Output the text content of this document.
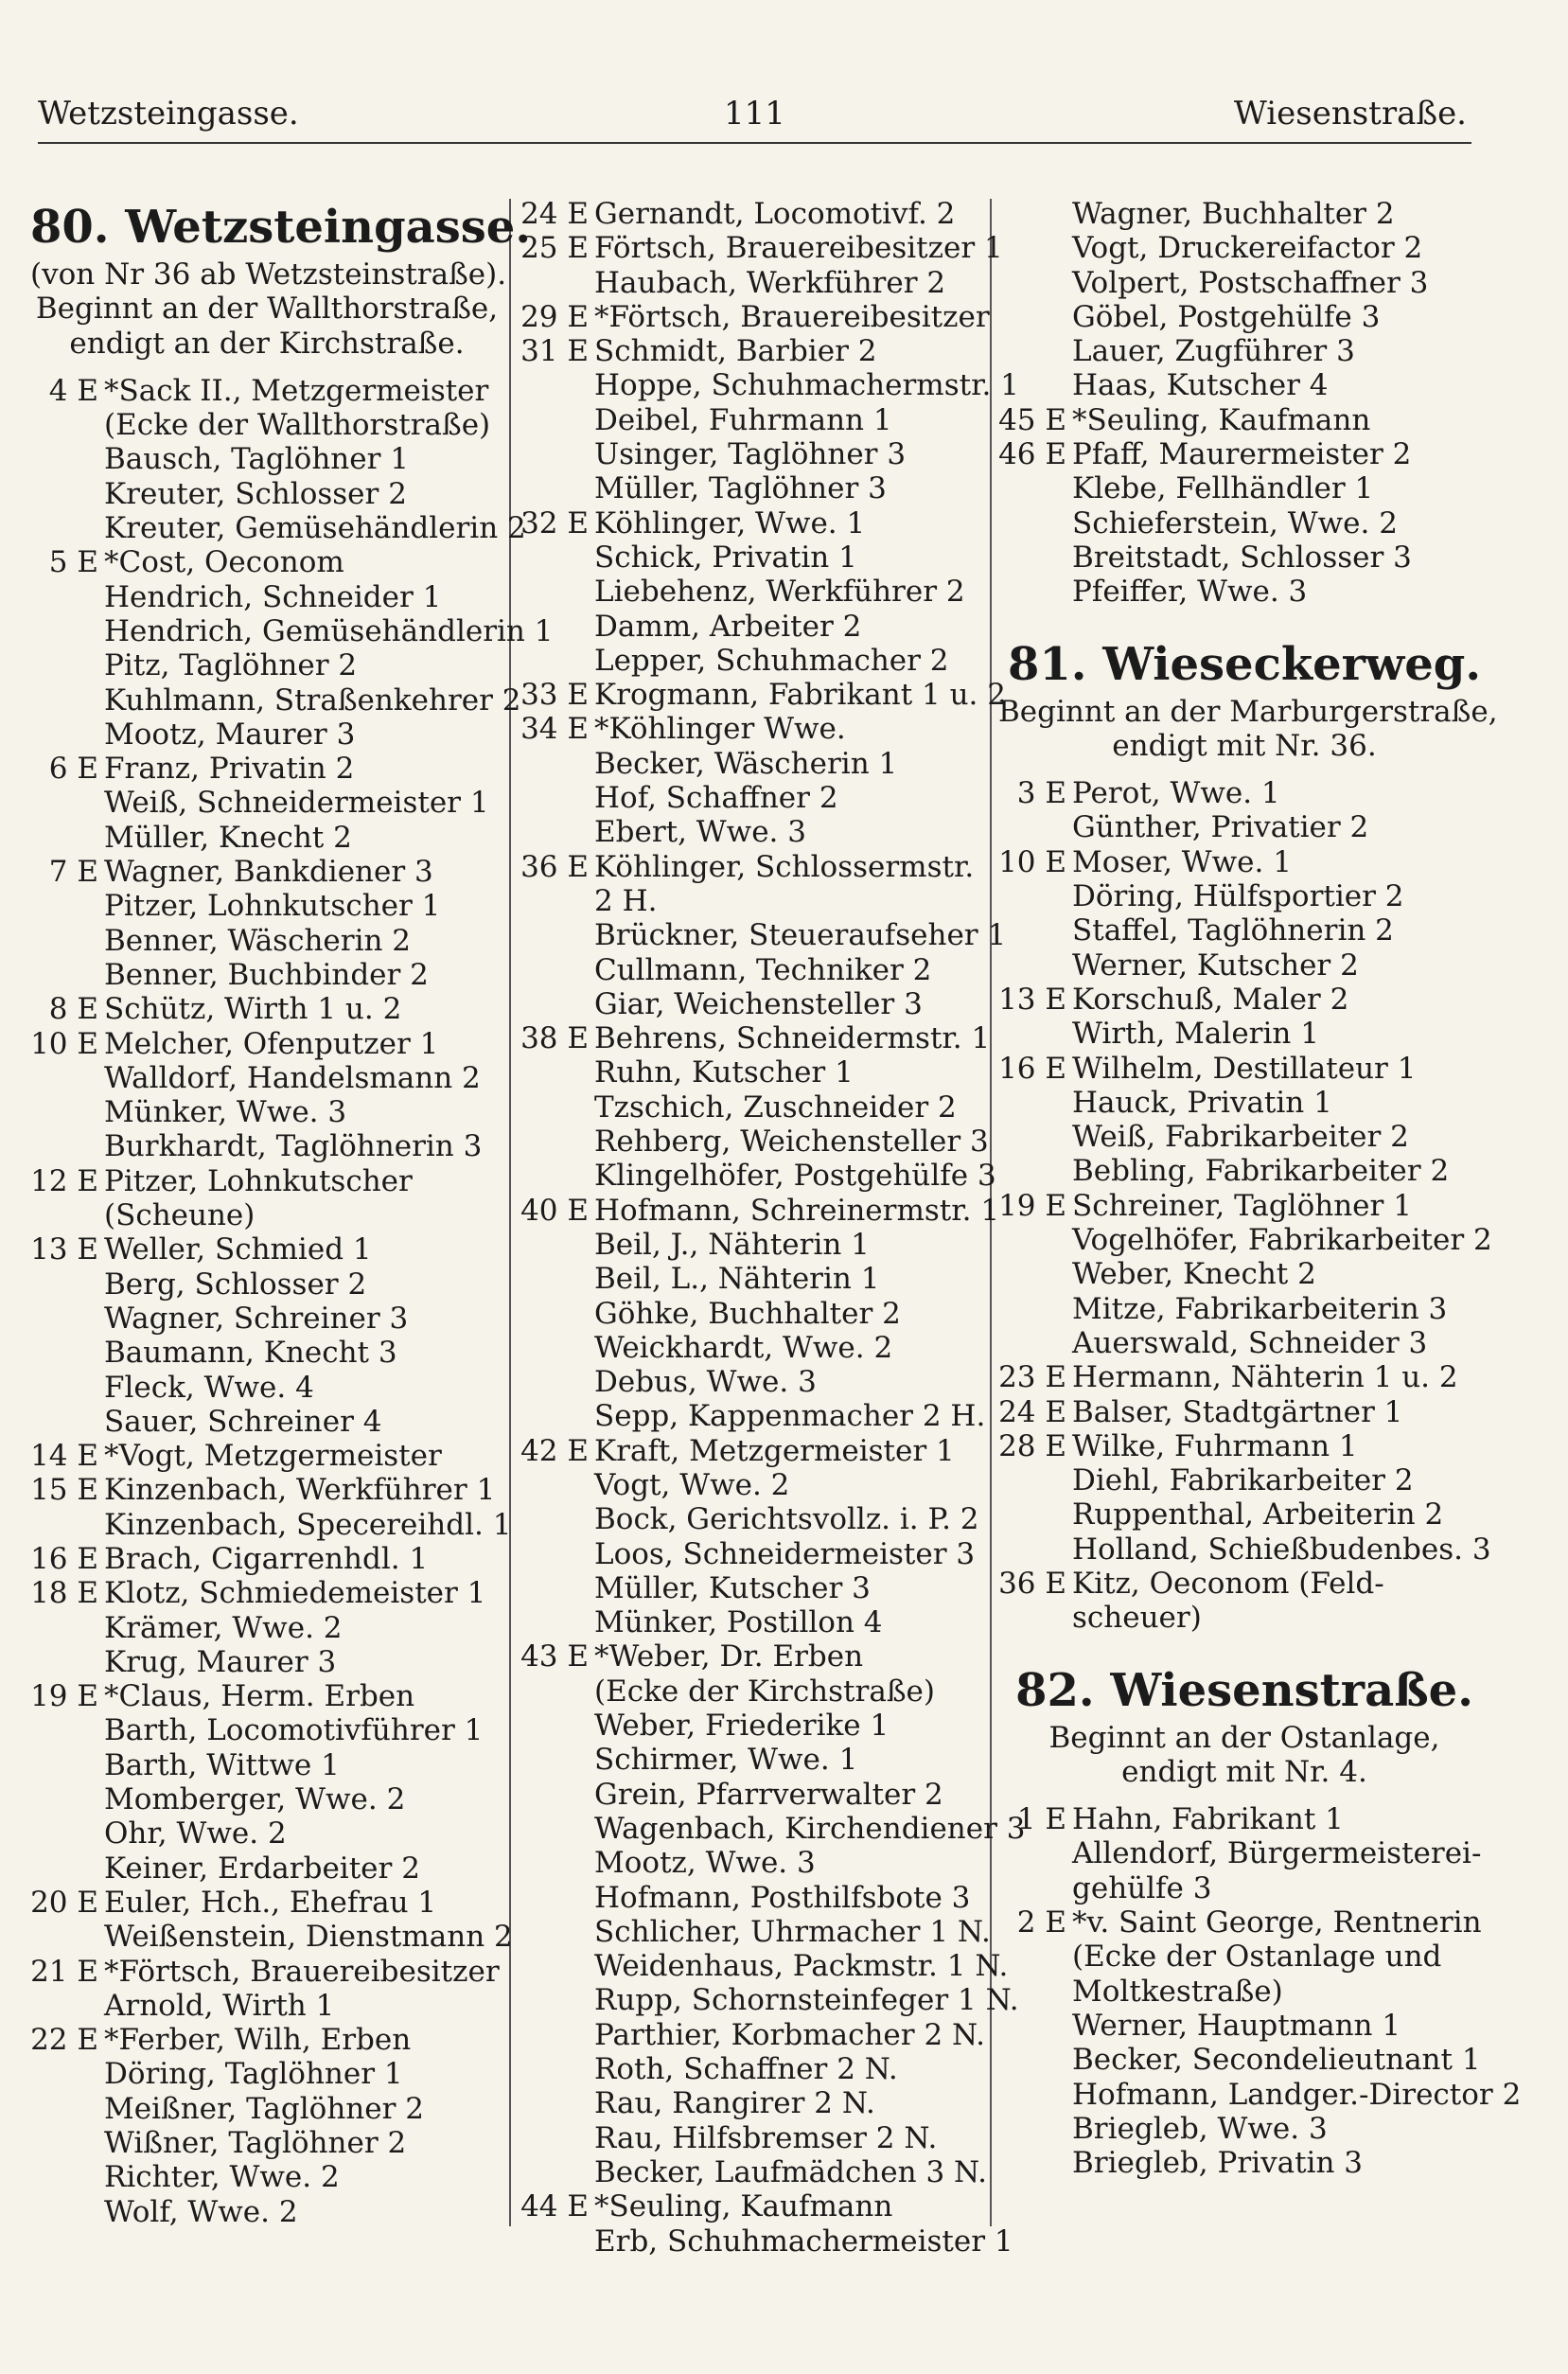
Wetzsteingasse.	111	Wiesenstraße.
80. Wetzsteingasse.
(von Nr 36 ab Wetzsteinstraße).
Beginnt an der Wallthorstraße,
endigt an der Kirchstraße.
4 E *Sack II., Metzgermeister
(Ecke der Wallthorstraße)
Bausch, Taglöhner 1
Kreuter, Schlosser 2
Kreuter, Gemüsehändlerin 2
5 E *Cost, Oeconom
Hendrich, Schneider 1
Hendrich, Gemüsehändlerin 1
Pitz, Taglöhner 2
Kuhlmann, Straßenkehrer 2
Mootz, Maurer 3
6 E Franz, Privatin 2
Weiß, Schneidermeister 1
Müller, Knecht 2
7 E Wagner, Bankdiener 3
Pitzer, Lohnkutscher 1
Benner, Wäscherin 2
Benner, Buchbinder 2
8 E Schütz, Wirth 1 u. 2
10 E Melcher, Ofenputzer 1
Walldorf, Handelsmann 2
Münker, Wwe. 3
Burkhardt, Taglöhnerin 3
12 E Pitzer, Lohnkutscher
(Scheune)
13 E Weller, Schmied 1
Berg, Schlosser 2
Wagner, Schreiner 3
Baumann, Knecht 3
Fleck, Wwe. 4
Sauer, Schreiner 4
14 E *Vogt, Metzgermeister
15 E Kinzenbach, Werkführer 1
Kinzenbach, Specereihdl. 1
16 E Brach, Cigarrenhdl. 1
18 E Klotz, Schmiedemeister 1
Krämer, Wwe. 2
Krug, Maurer 3
19 E *Claus, Herm. Erben
Barth, Locomotivführer 1
Barth, Wittwe 1
Momberger, Wwe. 2
Ohr, Wwe. 2
Keiner, Erdarbeiter 2
20 E Euler, Hch., Ehefrau 1
Weißenstein, Dienstmann 2
21 E *Förtsch, Brauereibesitzer
Arnold, Wirth 1
22 E *Ferber, Wilh, Erben
Döring, Taglöhner 1
Meißner, Taglöhner 2
Wißner, Taglöhner 2
Richter, Wwe. 2
Wolf, Wwe. 2
24 E Gernandt, Locomotivf. 2
25 E Förtsch, Brauereibesitzer 1
Haubach, Werkführer 2
29 E *Förtsch, Brauereibesitzer
31 E Schmidt, Barbier 2
Hoppe, Schuhmachermstr. 1
Deibel, Fuhrmann 1
Usinger, Taglöhner 3
Müller, Taglöhner 3
32 E Köhlinger, Wwe. 1
Schick, Privatin 1
Liebehenz, Werkführer 2
Damm, Arbeiter 2
Lepper, Schuhmacher 2
33 E Krogmann, Fabrikant 1 u. 2
34 E *Köhlinger Wwe.
Becker, Wäscherin 1
Hof, Schaffner 2
Ebert, Wwe. 3
36 E Köhlinger, Schlossermstr.
2 H.
Brückner, Steueraufseher 1
Cullmann, Techniker 2
Giar, Weichensteller 3
38 E Behrens, Schneidermstr. 1
Ruhn, Kutscher 1
Tzschich, Zuschneider 2
Rehberg, Weichensteller 3
Klingelhöfer, Postgehülfe 3
40 E Hofmann, Schreinermstr. 1
Beil, J., Nähterin 1
Beil, L., Nähterin 1
Göhke, Buchhalter 2
Weickhardt, Wwe. 2
Debus, Wwe. 3
Sepp, Kappenmacher 2 H.
42 E Kraft, Metzgermeister 1
Vogt, Wwe. 2
Bock, Gerichtsvollz. i. P. 2
Loos, Schneidermeister 3
Müller, Kutscher 3
Münker, Postillon 4
43 E *Weber, Dr. Erben
(Ecke der Kirchstraße)
Weber, Friederike 1
Schirmer, Wwe. 1
Grein, Pfarrverwalter 2
Wagenbach, Kirchendiener 3
Mootz, Wwe. 3
Hofmann, Posthilfsbote 3
Schlicher, Uhrmacher 1 N.
Weidenhaus, Packmstr. 1 N.
Rupp, Schornsteinfeger 1 N.
Parthier, Korbmacher 2 N.
Roth, Schaffner 2 N.
Rau, Rangirer 2 N.
Rau, Hilfsbremser 2 N.
Becker, Laufmädchen 3 N.
44 E *Seuling, Kaufmann
Erb, Schuhmachermeister 1
Wagner, Buchhalter 2
Vogt, Druckereifactor 2
Volpert, Postschaffner 3
Göbel, Postgehülfe 3
Lauer, Zugführer 3
Haas, Kutscher 4
45 E *Seuling, Kaufmann
46 E Pfaff, Maurermeister 2
Klebe, Fellhändler 1
Schieferstein, Wwe. 2
Breitstadt, Schlosser 3
Pfeiffer, Wwe. 3
81. Wieseckerweg.
Beginnt an der Marburgerstraße,
endigt mit Nr. 36.
3 E Perot, Wwe. 1
Günther, Privatier 2
10 E Moser, Wwe. 1
Döring, Hülfsportier 2
Staffel, Taglöhnerin 2
Werner, Kutscher 2
13 E Korschuß, Maler 2
Wirth, Malerin 1
16 E Wilhelm, Destillateur 1
Hauck, Privatin 1
Weiß, Fabrikarbeiter 2
Bebling, Fabrikarbeiter 2
19 E Schreiner, Taglöhner 1
Vogelhöfer, Fabrikarbeiter 2
Weber, Knecht 2
Mitze, Fabrikarbeiterin 3
Auerswald, Schneider 3
23 E Hermann, Nähterin 1 u. 2
24 E Balser, Stadtgärtner 1
28 E Wilke, Fuhrmann 1
Diehl, Fabrikarbeiter 2
Ruppenthal, Arbeiterin 2
Holland, Schießbudenbes. 3
36 E Kitz, Oeconom (Feld-
scheuer)
82. Wiesenstraße.
Beginnt an der Ostanlage,
endigt mit Nr. 4.
1 E Hahn, Fabrikant 1
Allendorf, Bürgermeisterei-
gehülfe 3
2 E *v. Saint George, Rentnerin
(Ecke der Ostanlage und
Moltkestraße)
Werner, Hauptmann 1
Becker, Secondelieutnant 1
Hofmann, Landger.-Director 2
Briegleb, Wwe. 3
Briegleb, Privatin 3
